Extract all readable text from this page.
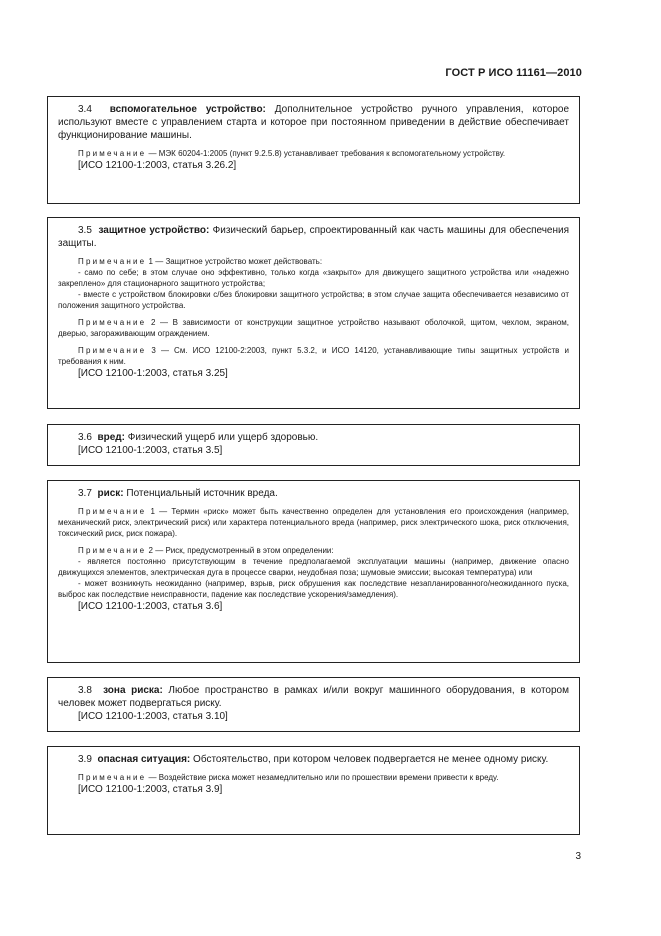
ГОСТ Р ИСО 11161—2010

3.4 вспомогательное устройство: Дополнительное устройство ручного управления, которое используют вместе с управлением старта и которое при постоянном приведении в действие обеспечивает функционирование машины.

Примечание — МЭК 60204-1:2005 (пункт 9.2.5.8) устанавливает требования к вспомогательному устройству.

[ИСО 12100-1:2003, статья 3.26.2]

3.5 защитное устройство: Физический барьер, спроектированный как часть машины для обеспечения защиты.

Примечание 1 — Защитное устройство может действовать:

- само по себе; в этом случае оно эффективно, только когда «закрыто» для движущего защитного устройства или «надежно закреплено» для стационарного защитного устройства;

- вместе с устройством блокировки с/без блокировки защитного устройства; в этом случае защита обеспечивается независимо от положения защитного устройства.

Примечание 2 — В зависимости от конструкции защитное устройство называют оболочкой, щитом, чехлом, экраном, дверью, загораживающим ограждением.

Примечание 3 — См. ИСО 12100-2:2003, пункт 5.3.2, и ИСО 14120, устанавливающие типы защитных устройств и требования к ним.

[ИСО 12100-1:2003, статья 3.25]

3.6 вред: Физический ущерб или ущерб здоровью.

[ИСО 12100-1:2003, статья 3.5]

3.7 риск: Потенциальный источник вреда.

Примечание 1 — Термин «риск» может быть качественно определен для установления его происхождения (например, механический риск, электрический риск) или характера потенциального вреда (например, риск электрического шока, риск отключения, токсический риск, риск пожара).

Примечание 2 — Риск, предусмотренный в этом определении:

- является постоянно присутствующим в течение предполагаемой эксплуатации машины (например, движение опасно движущихся элементов, электрическая дуга в процессе сварки, неудобная поза; шумовые эмиссии; высокая температура) или

- может возникнуть неожиданно (например, взрыв, риск обрушения как последствие незапланированного/неожиданного пуска, выброс как последствие неисправности, падение как последствие ускорения/замедления).

[ИСО 12100-1:2003, статья 3.6]

3.8 зона риска: Любое пространство в рамках и/или вокруг машинного оборудования, в котором человек может подвергаться риску.

[ИСО 12100-1:2003, статья 3.10]

3.9 опасная ситуация: Обстоятельство, при котором человек подвергается не менее одному риску.

Примечание — Воздействие риска может незамедлительно или по прошествии времени привести к вреду.

[ИСО 12100-1:2003, статья 3.9]

3
